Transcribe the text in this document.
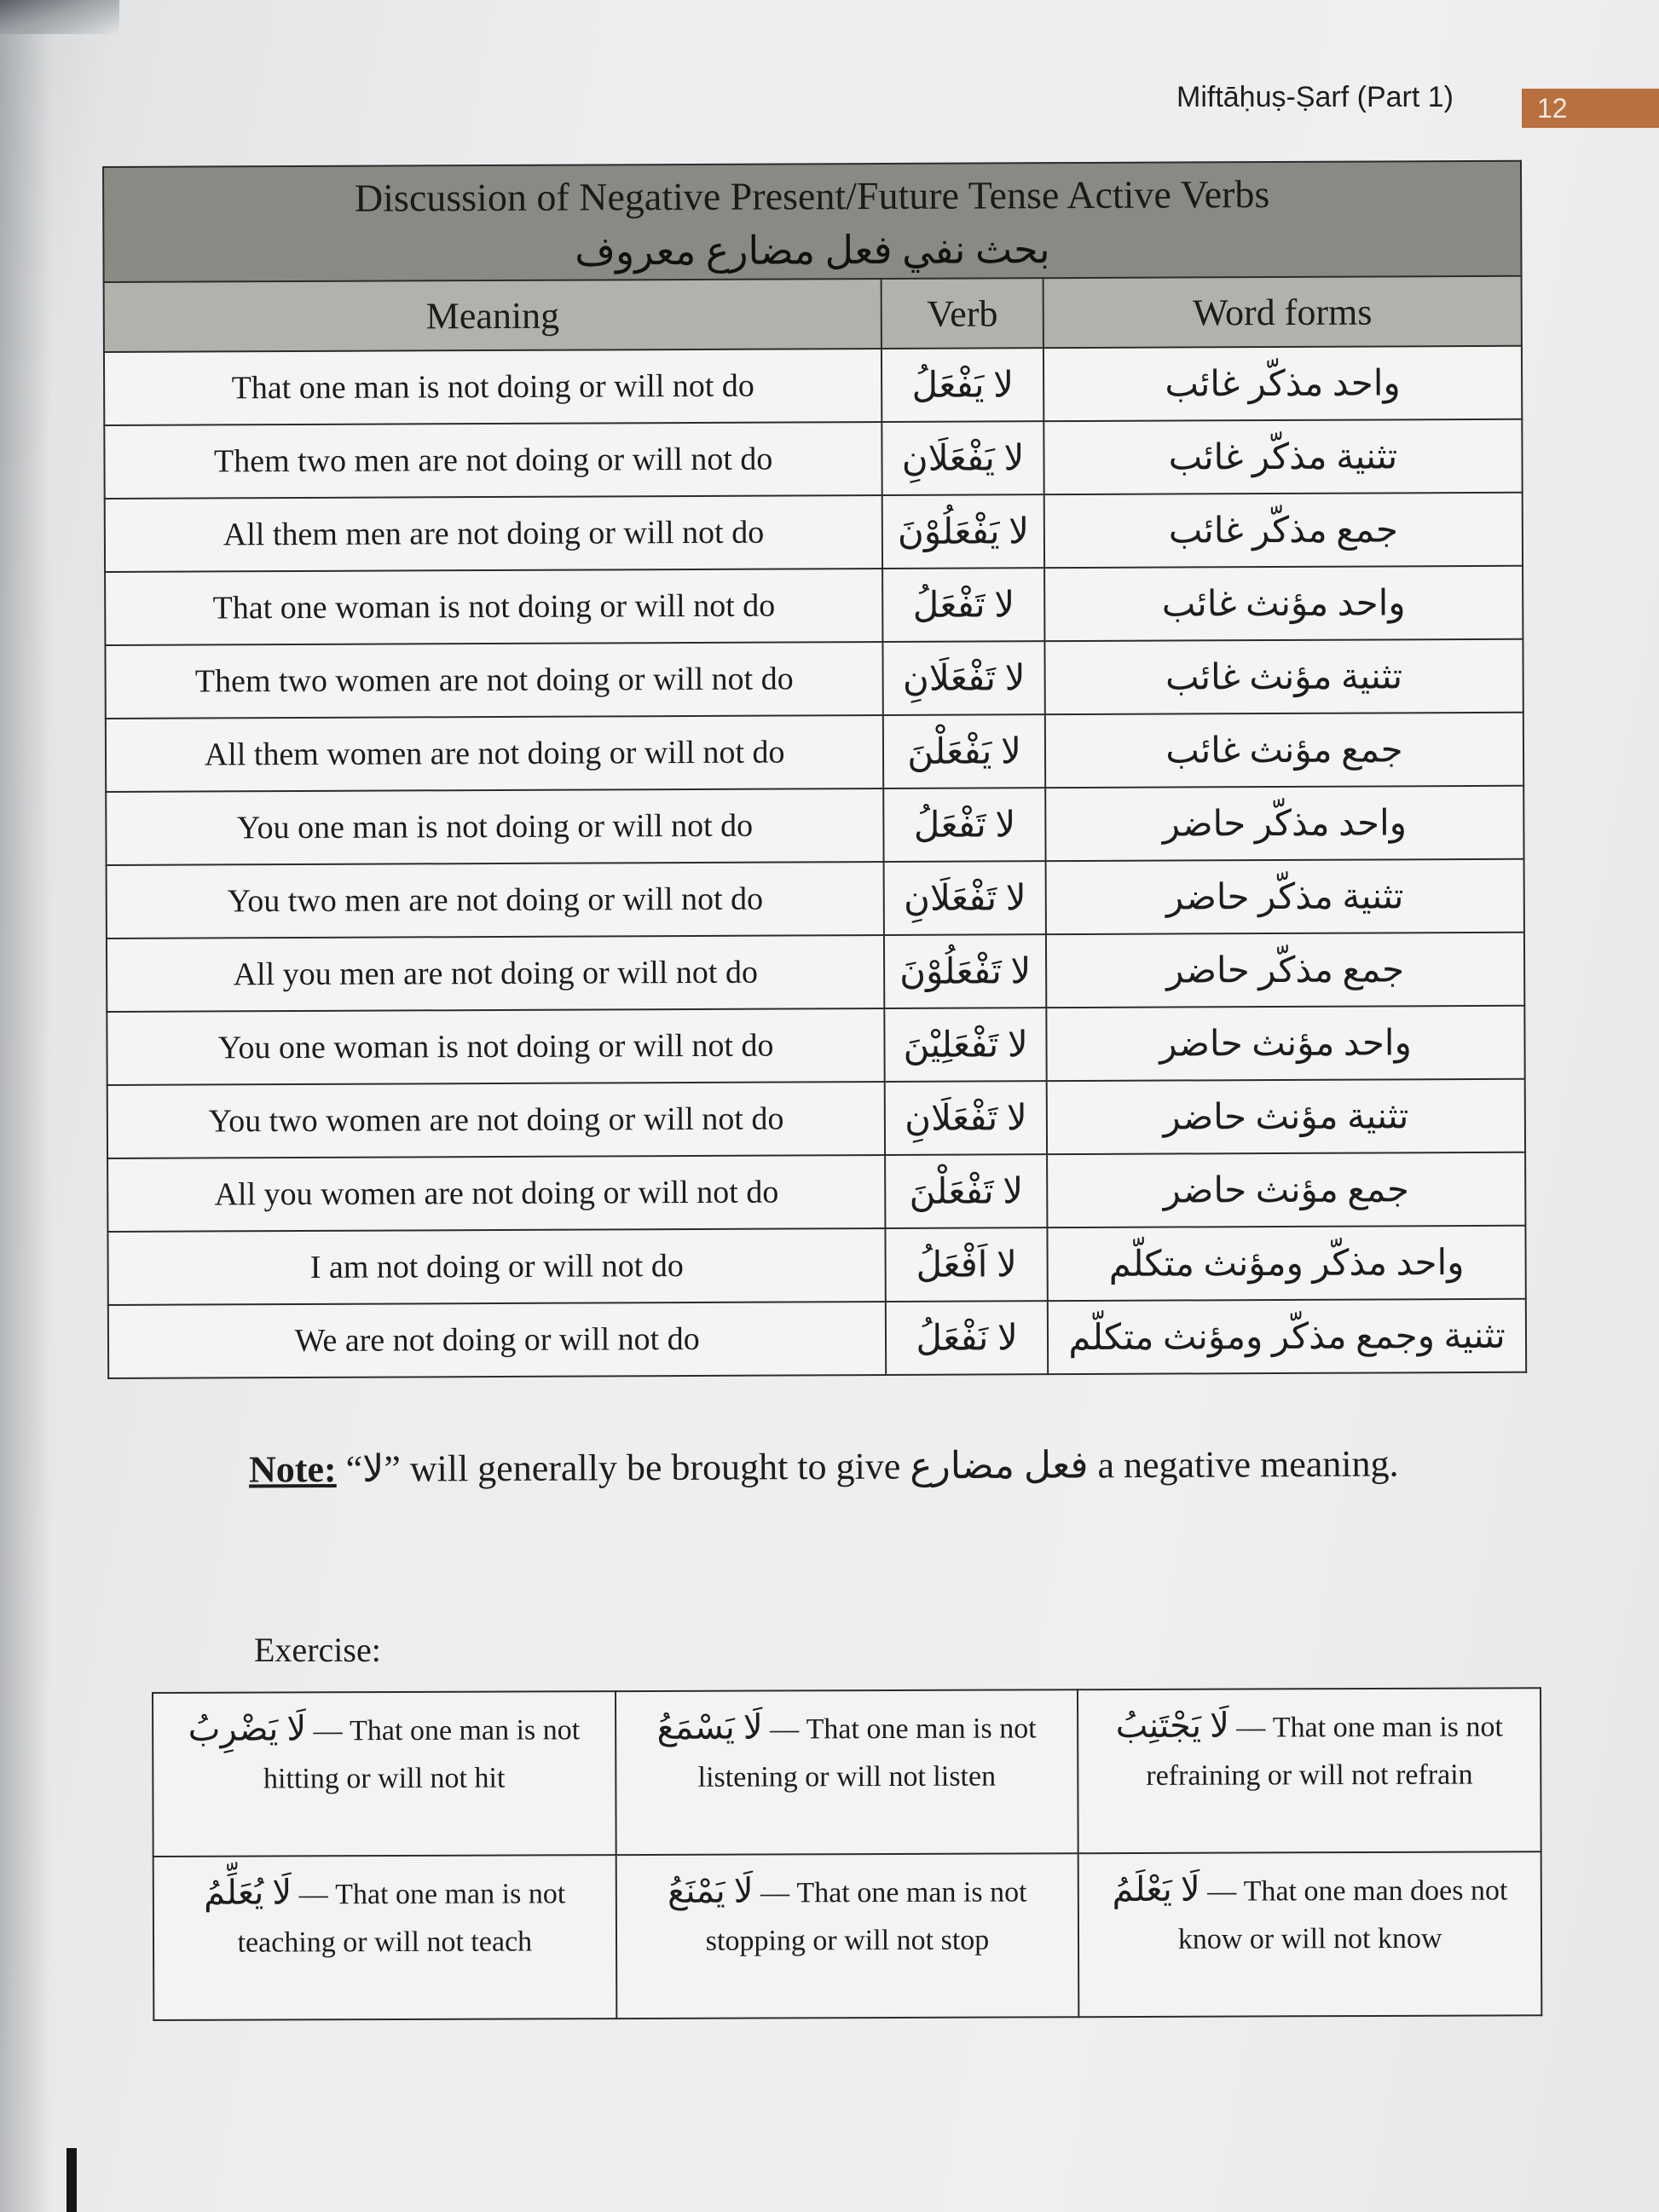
Miftāḥuṣ-Ṣarf (Part 1)	12
Discussion of Negative Present/Future Tense Active Verbs
بحث نفي فعل مضارع معروف		

Meaning	Verb	Word forms
That one man is not doing or will not do	لا يَفْعَلُ	واحد مذكّر غائب
Them two men are not doing or will not do	لا يَفْعَلَانِ	تثنية مذكّر غائب
All them men are not doing or will not do	لا يَفْعَلُوْنَ	جمع مذكّر غائب
That one woman is not doing or will not do	لا تَفْعَلُ	واحد مؤنث غائب
Them two women are not doing or will not do	لا تَفْعَلَانِ	تثنية مؤنث غائب
All them women are not doing or will not do	لا يَفْعَلْنَ	جمع مؤنث غائب
You one man is not doing or will not do	لا تَفْعَلُ	واحد مذكّر حاضر
You two men are not doing or will not do	لا تَفْعَلَانِ	تثنية مذكّر حاضر
All you men are not doing or will not do	لا تَفْعَلُوْنَ	جمع مذكّر حاضر
You one woman is not doing or will not do	لا تَفْعَلِيْنَ	واحد مؤنث حاضر
You two women are not doing or will not do	لا تَفْعَلَانِ	تثنية مؤنث حاضر
All you women are not doing or will not do	لا تَفْعَلْنَ	جمع مؤنث حاضر
I am not doing or will not do	لا اَفْعَلُ	واحد مذكّر ومؤنث متكلّم
We are not doing or will not do	لا نَفْعَلُ	تثنية وجمع مذكّر ومؤنث متكلّم
Note: “لا” will generally be brought to give فعل مضارع a negative meaning.
Exercise:
لَا يَضْرِبُ — That one man is not hitting or will not hit	لَا يَسْمَعُ — That one man is not listening or will not listen	لَا يَجْتَنِبُ — That one man is not refraining or will not refrain
لَا يُعَلِّمُ — That one man is not teaching or will not teach	لَا يَمْنَعُ — That one man is not stopping or will not stop	لَا يَعْلَمُ — That one man does not know or will not know
